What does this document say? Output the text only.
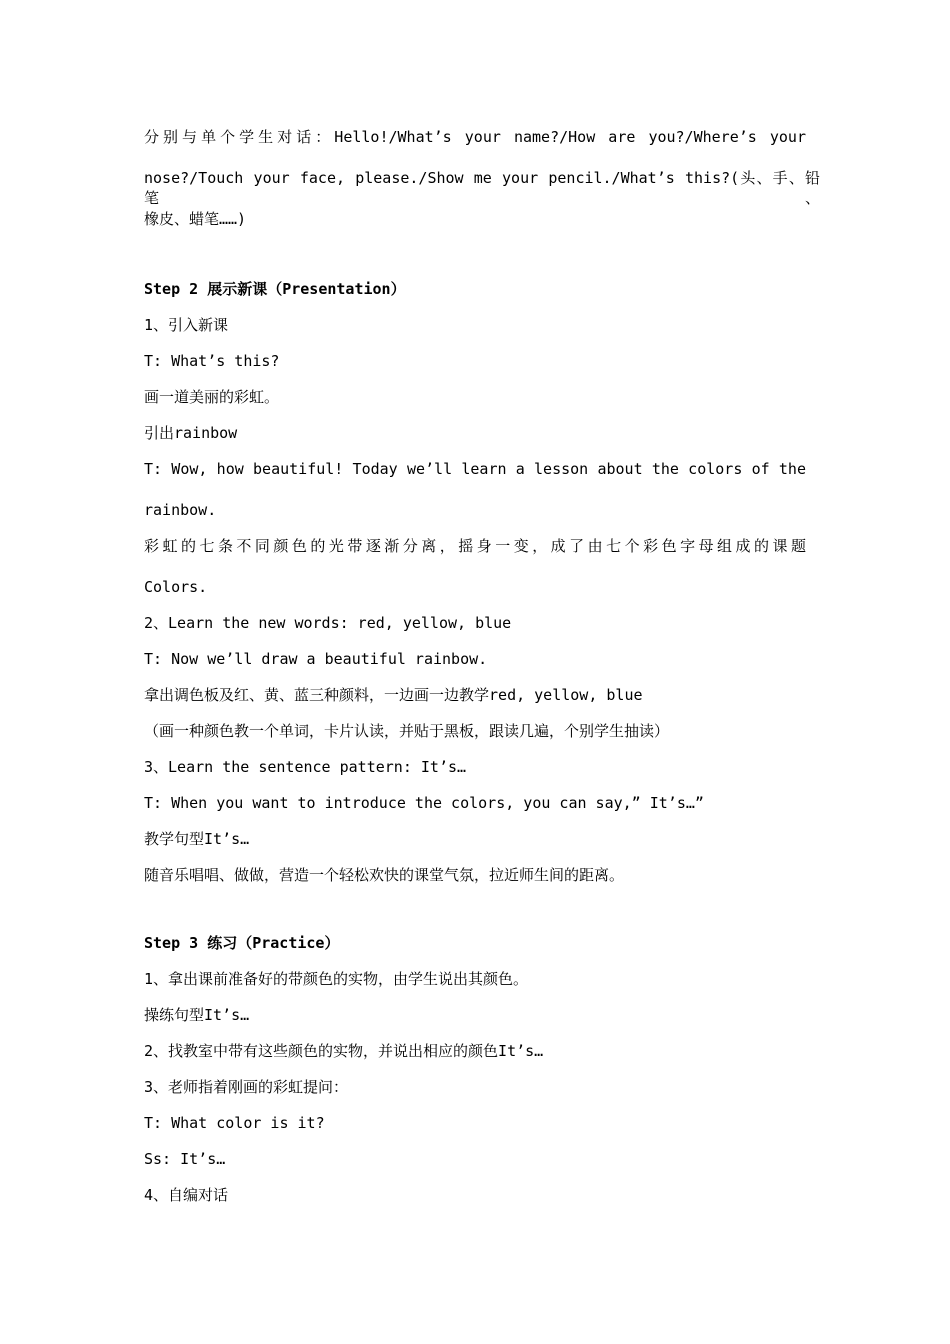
分别与单个学生对话：Hello!/What’s your name?/How are you?/Where’s your
nose?/Touch your face, please./Show me your pencil./What’s this?(头、手、铅笔、
橡皮、蜡笔……)
Step 2 展示新课（Presentation）
1、引入新课
T: What’s this?
画一道美丽的彩虹。
引出rainbow
T: Wow, how beautiful! Today we’ll learn a lesson about the colors of the
rainbow.
彩虹的七条不同颜色的光带逐渐分离，摇身一变，成了由七个彩色字母组成的课题
Colors.
2、Learn the new words: red, yellow, blue
T: Now we’ll draw a beautiful rainbow.
拿出调色板及红、黄、蓝三种颜料，一边画一边教学red, yellow, blue
（画一种颜色教一个单词，卡片认读，并贴于黑板，跟读几遍，个别学生抽读）
3、Learn the sentence pattern: It’s…
T: When you want to introduce the colors, you can say,” It’s…”
教学句型It’s…
随音乐唱唱、做做，营造一个轻松欢快的课堂气氛，拉近师生间的距离。
Step 3 练习（Practice）
1、拿出课前准备好的带颜色的实物，由学生说出其颜色。
操练句型It’s…
2、找教室中带有这些颜色的实物，并说出相应的颜色It’s…
3、老师指着刚画的彩虹提问：
T: What color is it?
Ss: It’s…
4、自编对话
